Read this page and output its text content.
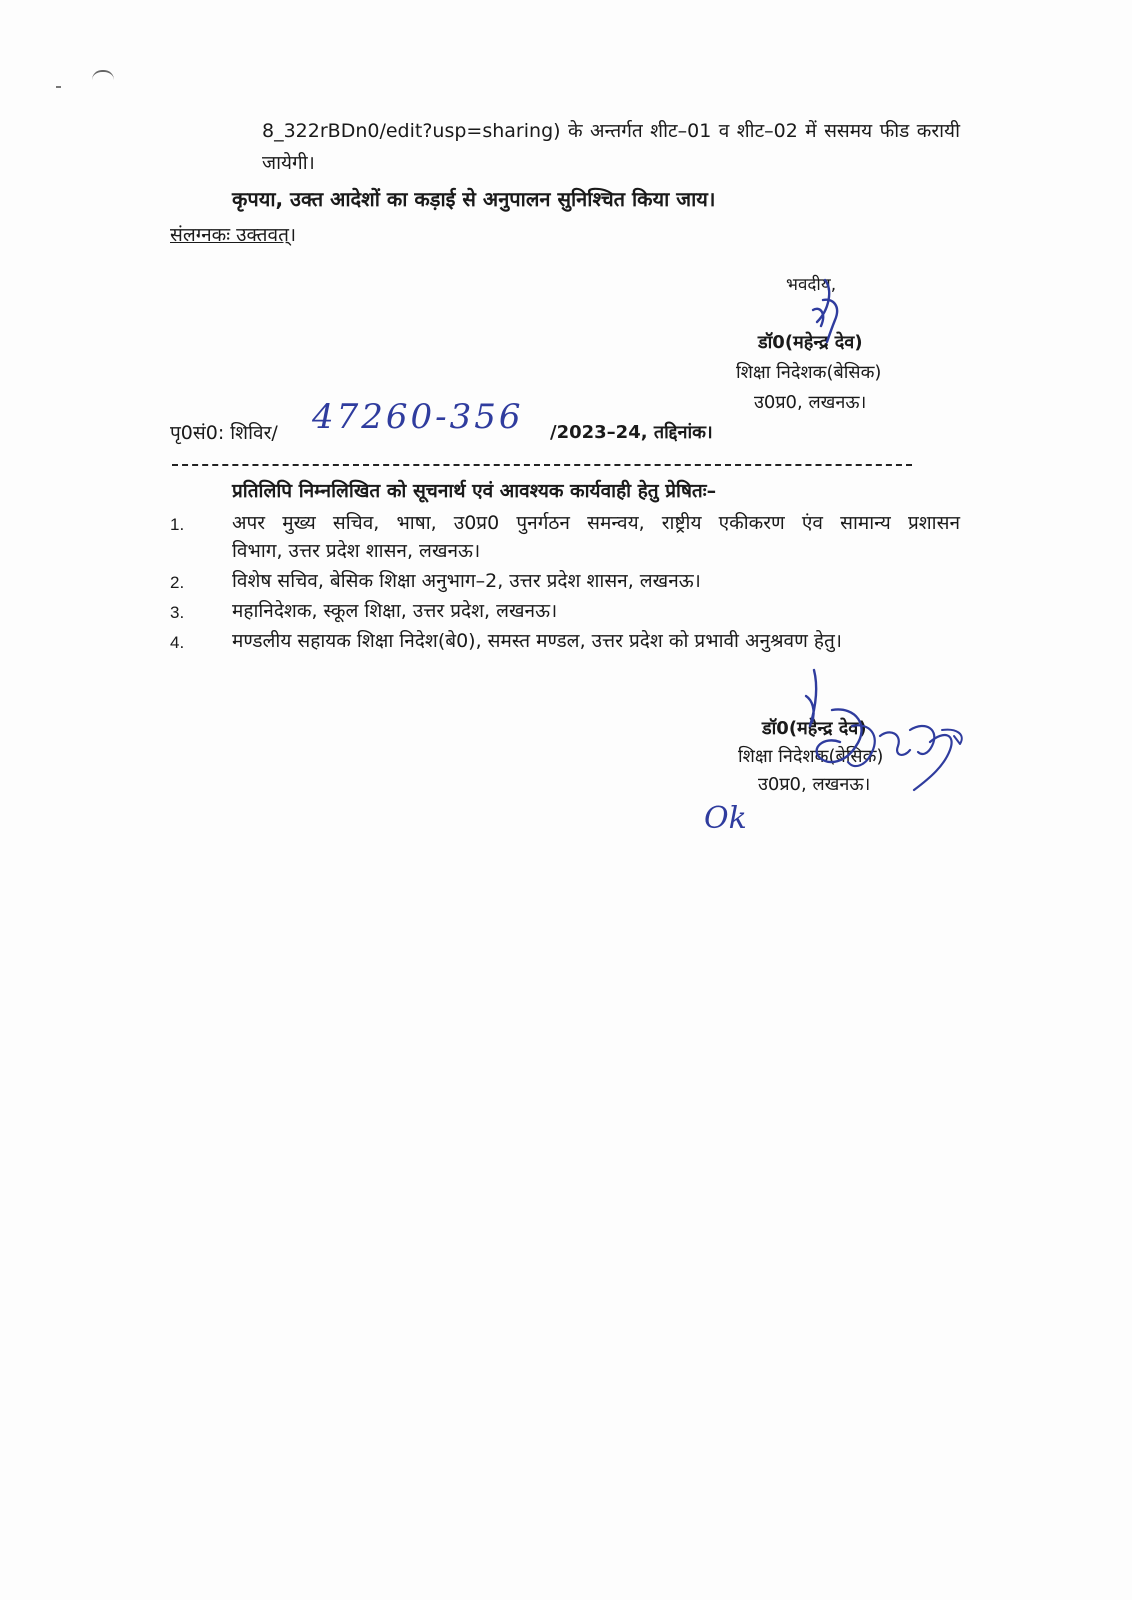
8_322rBDn0/edit?usp=sharing) के अन्तर्गत शीट–01 व शीट–02 में ससमय फीड करायी
जायेगी।
कृपया, उक्त आदेशों का कड़ाई से अनुपालन सुनिश्चित किया जाय।
संलग्नकः उक्तवत्।
भवदीय,
डॉ0(महेन्द्र देव)
शिक्षा निदेशक(बेसिक)
उ0प्र0, लखनऊ।
पृ0सं0: शिविर/ 47260-356 /2023–24, तद्दिनांक।
प्रतिलिपि निम्नलिखित को सूचनार्थ एवं आवश्यक कार्यवाही हेतु प्रेषितः–
1.	अपर मुख्य सचिव, भाषा, उ0प्र0 पुनर्गठन समन्वय, राष्ट्रीय एकीकरण एंव सामान्य प्रशासन
विभाग, उत्तर प्रदेश शासन, लखनऊ।
2.	विशेष सचिव, बेसिक शिक्षा अनुभाग–2, उत्तर प्रदेश शासन, लखनऊ।
3.	महानिदेशक, स्कूल शिक्षा, उत्तर प्रदेश, लखनऊ।
4.	मण्डलीय सहायक शिक्षा निदेश(बे0), समस्त मण्डल, उत्तर प्रदेश को प्रभावी अनुश्रवण हेतु।
डॉ0(महेन्द्र देव)
शिक्षा निदेशक(बेसिक)
उ0प्र0, लखनऊ।
Ok
